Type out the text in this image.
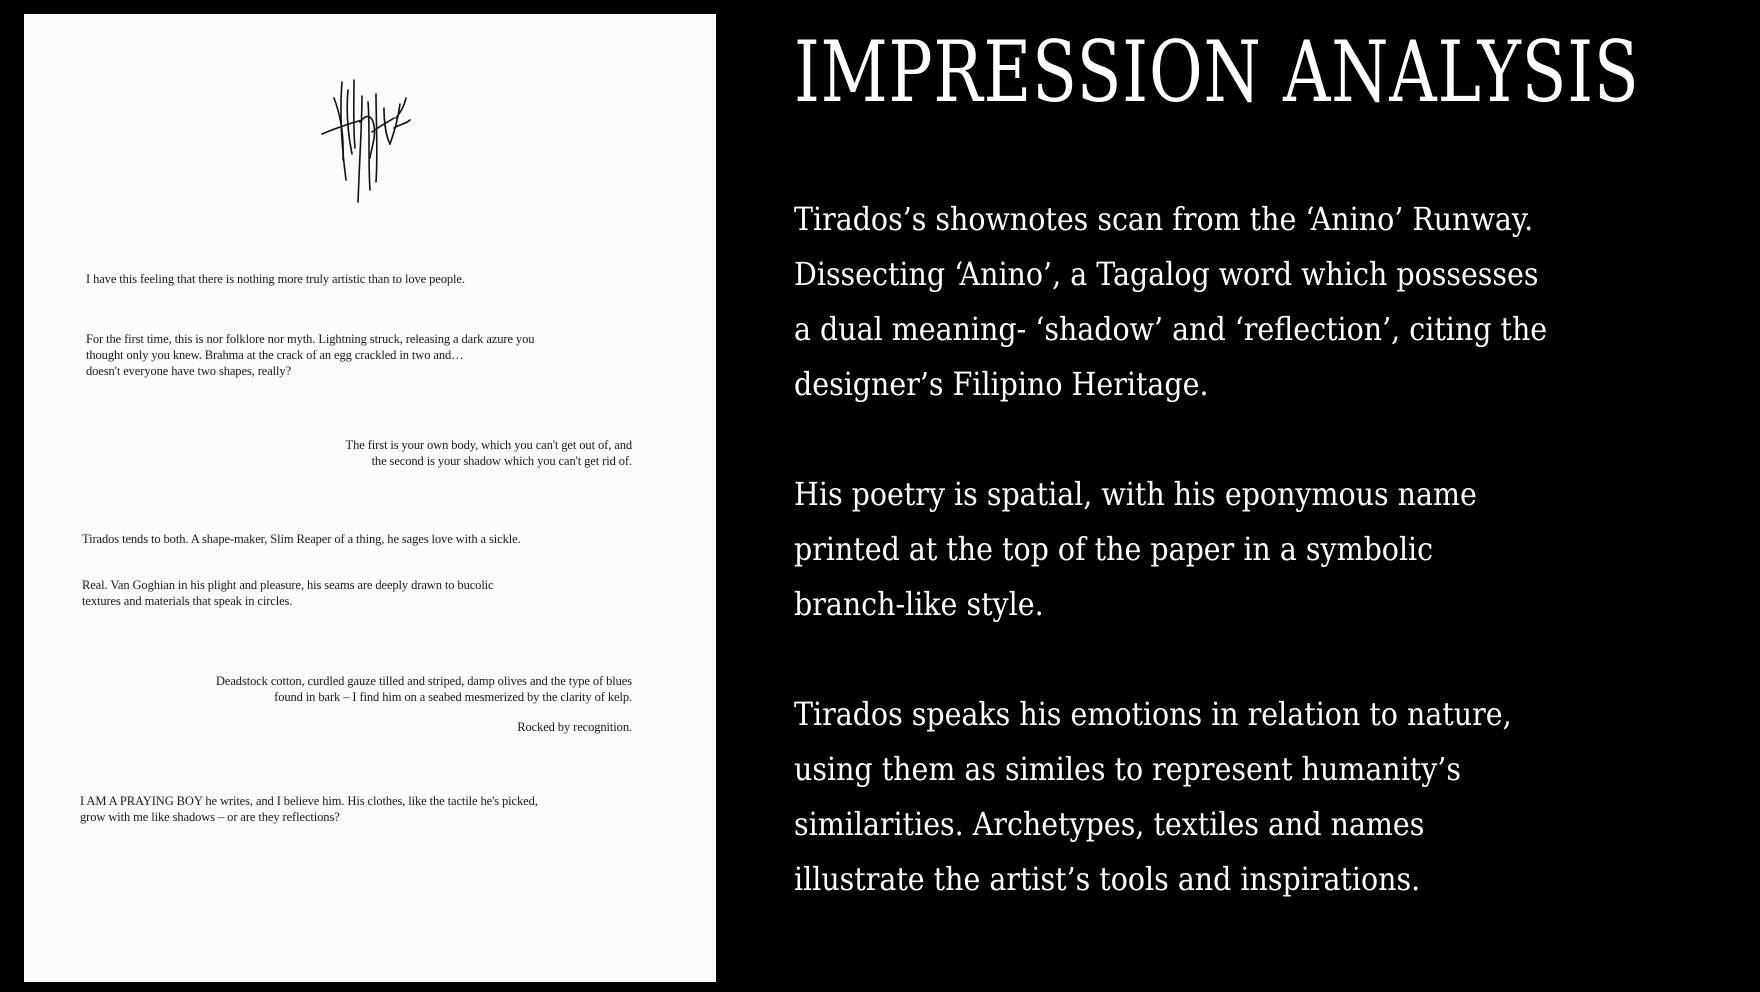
I have this feeling that there is nothing more truly artistic than to love people.
For the first time, this is nor folklore nor myth. Lightning struck, releasing a dark azure you
thought only you knew. Brahma at the crack of an egg crackled in two and…
doesn't everyone have two shapes, really?
The first is your own body, which you can't get out of, and
the second is your shadow which you can't get rid of.
Tirados tends to both. A shape-maker, Slim Reaper of a thing, he sages love with a sickle.
Real. Van Goghian in his plight and pleasure, his seams are deeply drawn to bucolic
textures and materials that speak in circles.
Deadstock cotton, curdled gauze tilled and striped, damp olives and the type of blues
found in bark – I find him on a seabed mesmerized by the clarity of kelp.
Rocked by recognition.
I AM A PRAYING BOY he writes, and I believe him. His clothes, like the tactile he's picked,
grow with me like shadows – or are they reflections?
IMPRESSION ANALYSIS
Tirados’s shownotes scan from the ‘Anino’ Runway.
Dissecting ‘Anino’, a Tagalog word which possesses
a dual meaning- ‘shadow’ and ‘reflection’, citing the
designer’s Filipino Heritage.
His poetry is spatial, with his eponymous name
printed at the top of the paper in a symbolic
branch-like style.
Tirados speaks his emotions in relation to nature,
using them as similes to represent humanity’s
similarities. Archetypes, textiles and names
illustrate the artist’s tools and inspirations.
